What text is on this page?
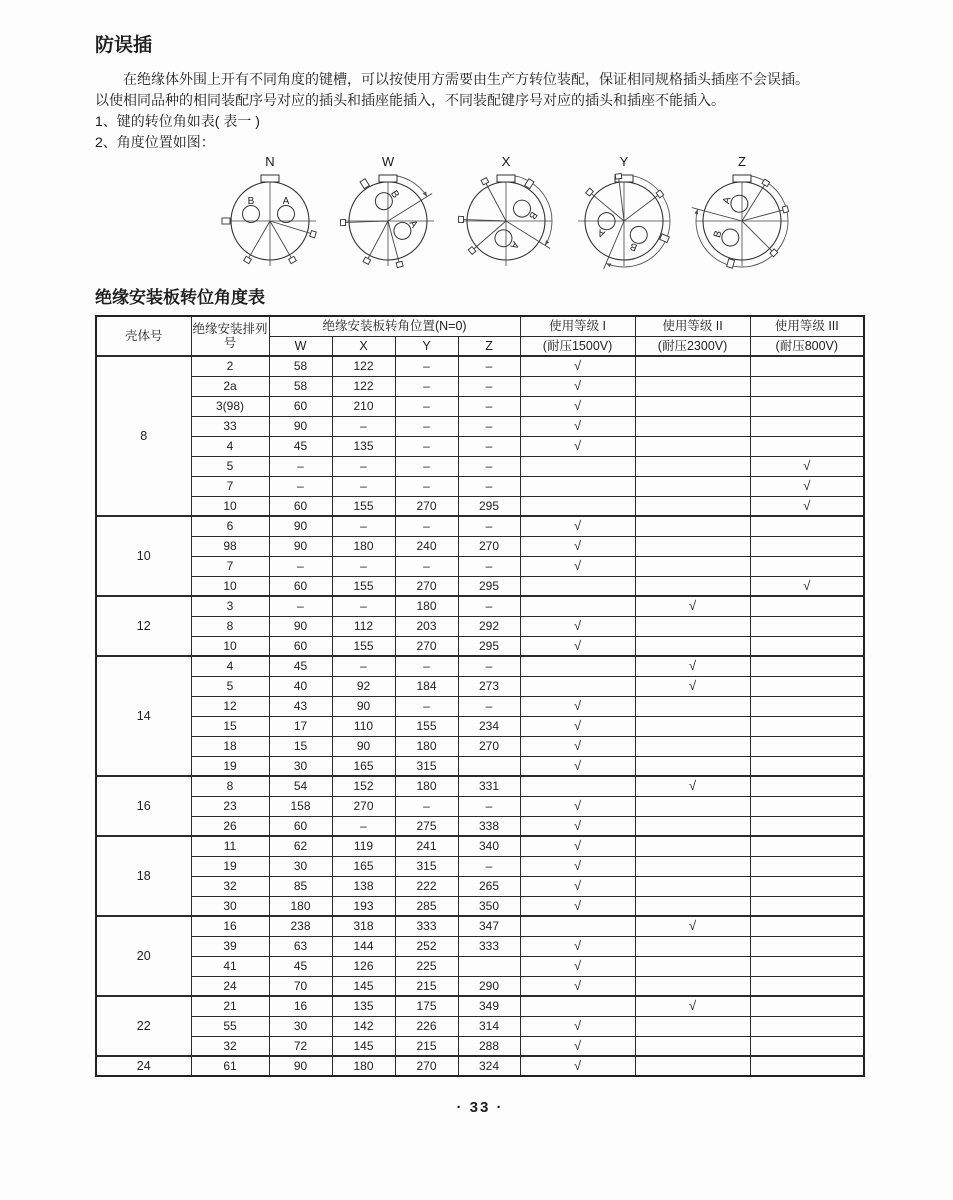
防误插
在绝缘体外围上开有不同角度的键槽，可以按使用方需要由生产方转位装配，保证相同规格插头插座不会误插。
以使相同品种的相同装配序号对应的插头和插座能插入，不同装配键序号对应的插头和插座不能插入。
1、键的转位角如表( 表一 )
2、角度位置如图：
N
B	A
W
B
A
X
B
A
Y
B
A
Z
B
A
绝缘安装板转位角度表
壳体号	绝缘安装排列号	绝缘安装板转角位置(N=0)				使用等级 I	使用等级 II	使用等级 III
		W	X	Y	Z	(耐压1500V)	(耐压2300V)	(耐压800V)
8	2	58	122	–	–	√		
	2a	58	122	–	–	√		
	3(98)	60	210	–	–	√		
	33	90	–	–	–	√		
	4	45	135	–	–	√		
	5	–	–	–	–			√
	7	–	–	–	–			√
	10	60	155	270	295			√
10	6	90	–	–	–	√		
	98	90	180	240	270	√		
	7	–	–	–	–	√		
	10	60	155	270	295			√
12	3	–	–	180	–		√	
	8	90	112	203	292	√		
	10	60	155	270	295	√		
14	4	45	–	–	–		√	
	5	40	92	184	273		√	
	12	43	90	–	–	√		
	15	17	110	155	234	√		
	18	15	90	180	270	√		
	19	30	165	315		√		
16	8	54	152	180	331		√	
	23	158	270	–	–	√		
	26	60	–	275	338	√		
18	11	62	119	241	340	√		
	19	30	165	315	–	√		
	32	85	138	222	265	√		
	30	180	193	285	350	√		
20	16	238	318	333	347		√	
	39	63	144	252	333	√		
	41	45	126	225		√		
	24	70	145	215	290	√		
22	21	16	135	175	349		√	
	55	30	142	226	314	√		
	32	72	145	215	288	√		
24	61	90	180	270	324	√		
· 33 ·
